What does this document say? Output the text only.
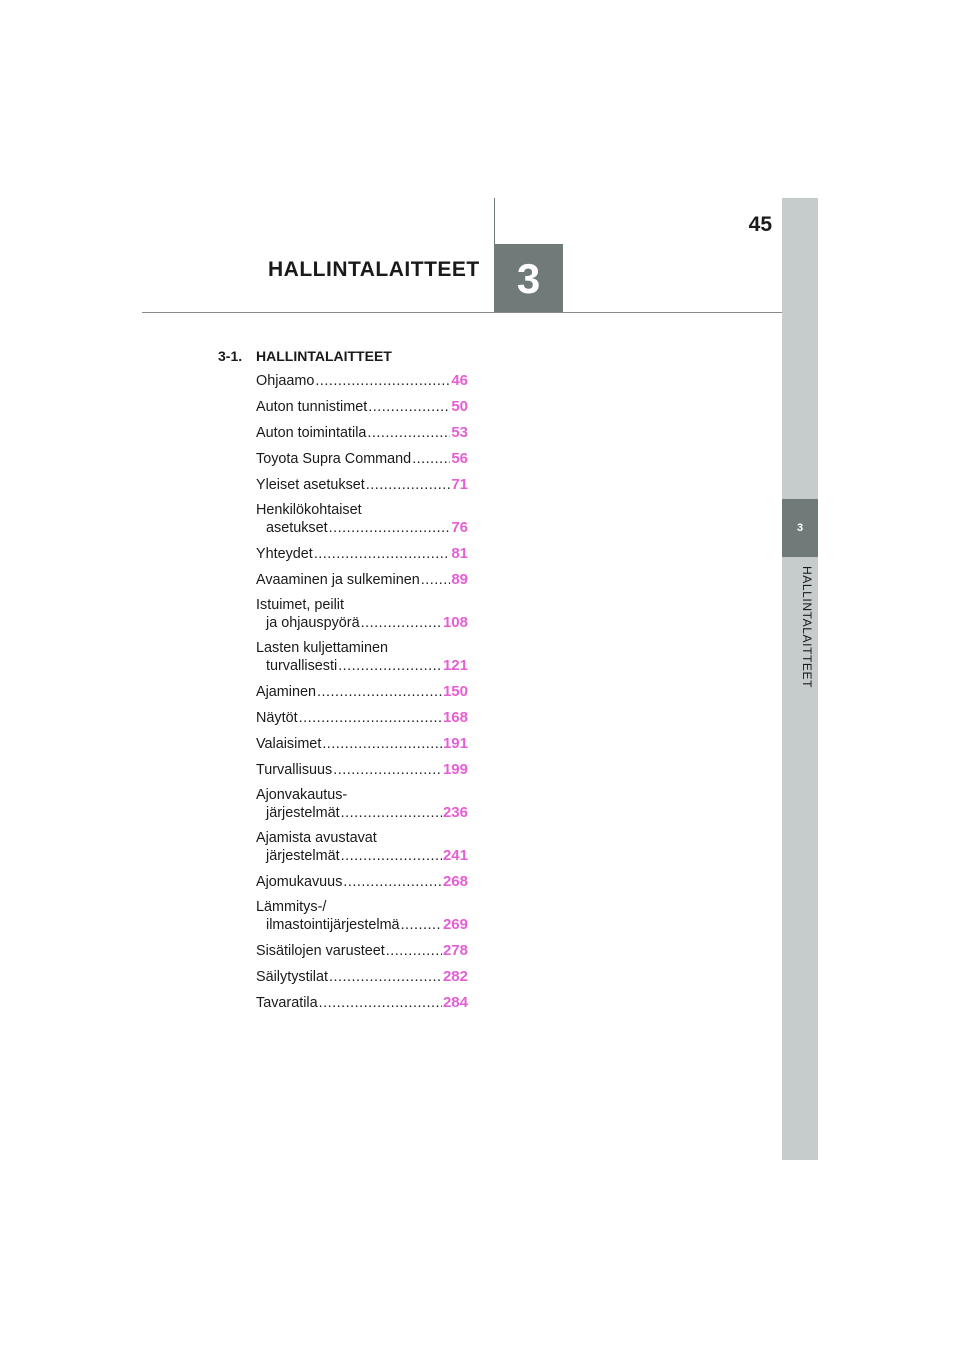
45
HALLINTALAITTEET 3
3
HALLINTALAITTEET
3-1. HALLINTALAITTEET
Ohjaamo .....	46
Auton tunnistimet .....	50
Auton toimintatila .....	53
Toyota Supra Command .....	56
Yleiset asetukset .....	71
Henkilökohtaiset
asetukset .....	76
Yhteydet .....	81
Avaaminen ja sulkeminen ..... 89
Istuimet, peilit
ja ohjauspyörä .....	108
Lasten kuljettaminen
turvallisesti .....	121
Ajaminen .....	150
Näytöt .....	168
Valaisimet .....	191
Turvallisuus .....	199
Ajonvakautus-
järjestelmät .....	236
Ajamista avustavat
järjestelmät .....	241
Ajomukavuus .....	268
Lämmitys-/
ilmastointijärjestelmä .....	269
Sisätilojen varusteet .....	278
Säilytystilat .....	282
Tavaratila .....	284
